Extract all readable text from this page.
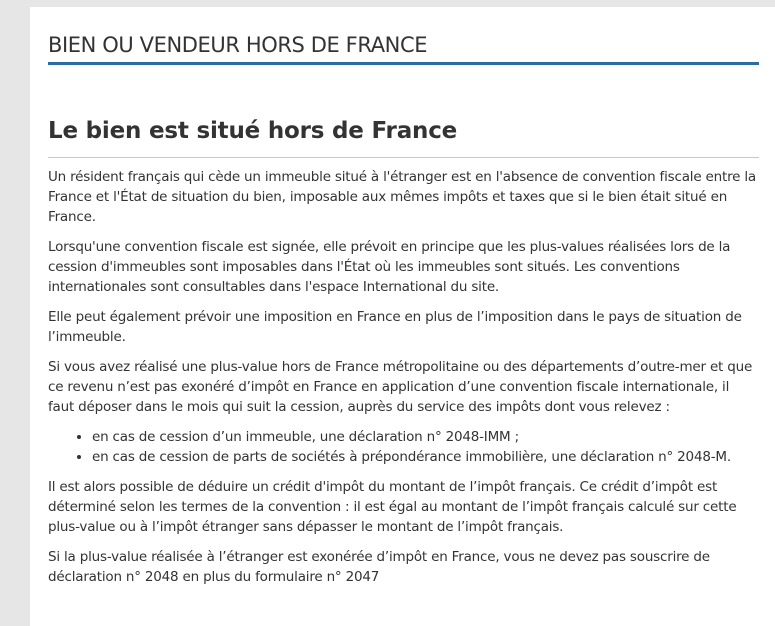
BIEN OU VENDEUR HORS DE FRANCE
Le bien est situé hors de France

Un résident français qui cède un immeuble situé à l'étranger est en l'absence de convention fiscale entre la France et l'État de situation du bien, imposable aux mêmes impôts et taxes que si le bien était situé en France.

Lorsqu'une convention fiscale est signée, elle prévoit en principe que les plus-values réalisées lors de la cession d'immeubles sont imposables dans l'État où les immeubles sont situés. Les conventions internationales sont consultables dans l'espace International du site.

Elle peut également prévoir une imposition en France en plus de l’imposition dans le pays de situation de l’immeuble.

Si vous avez réalisé une plus-value hors de France métropolitaine ou des départements d’outre-mer et que ce revenu n’est pas exonéré d’impôt en France en application d’une convention fiscale internationale, il faut déposer dans le mois qui suit la cession, auprès du service des impôts dont vous relevez :

• en cas de cession d’un immeuble, une déclaration n° 2048-IMM ;
• en cas de cession de parts de sociétés à prépondérance immobilière, une déclaration n° 2048-M.

Il est alors possible de déduire un crédit d'impôt du montant de l’impôt français. Ce crédit d’impôt est déterminé selon les termes de la convention : il est égal au montant de l’impôt français calculé sur cette plus-value ou à l’impôt étranger sans dépasser le montant de l’impôt français.

Si la plus-value réalisée à l’étranger est exonérée d’impôt en France, vous ne devez pas souscrire de déclaration n° 2048 en plus du formulaire n° 2047
